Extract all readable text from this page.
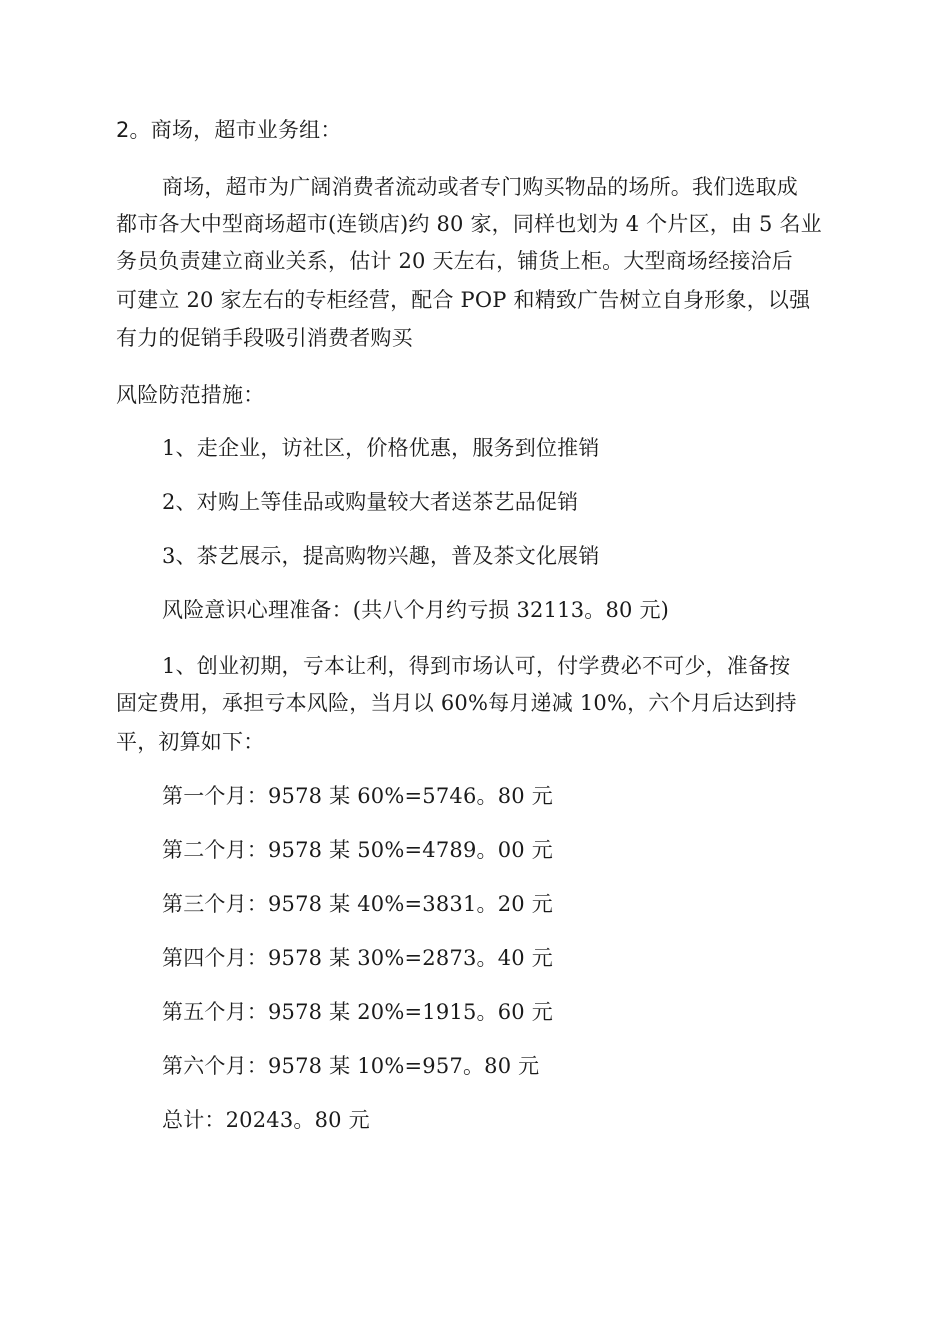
2。商场，超市业务组：
商场，超市为广阔消费者流动或者专门购买物品的场所。我们选取成
都市各大中型商场超市(连锁店)约 80 家，同样也划为 4 个片区，由 5 名业
务员负责建立商业关系，估计 20 天左右，铺货上柜。大型商场经接洽后
可建立 20 家左右的专柜经营，配合 POP 和精致广告树立自身形象，以强
有力的促销手段吸引消费者购买
风险防范措施：
1、走企业，访社区，价格优惠，服务到位推销
2、对购上等佳品或购量较大者送茶艺品促销
3、茶艺展示，提高购物兴趣，普及茶文化展销
风险意识心理准备：(共八个月约亏损 32113。80 元)
1、创业初期，亏本让利，得到市场认可，付学费必不可少，准备按
固定费用，承担亏本风险，当月以 60%每月递减 10%，六个月后达到持
平，初算如下：
第一个月：9578 某 60%=5746。80 元
第二个月：9578 某 50%=4789。00 元
第三个月：9578 某 40%=3831。20 元
第四个月：9578 某 30%=2873。40 元
第五个月：9578 某 20%=1915。60 元
第六个月：9578 某 10%=957。80 元
总计：20243。80 元
